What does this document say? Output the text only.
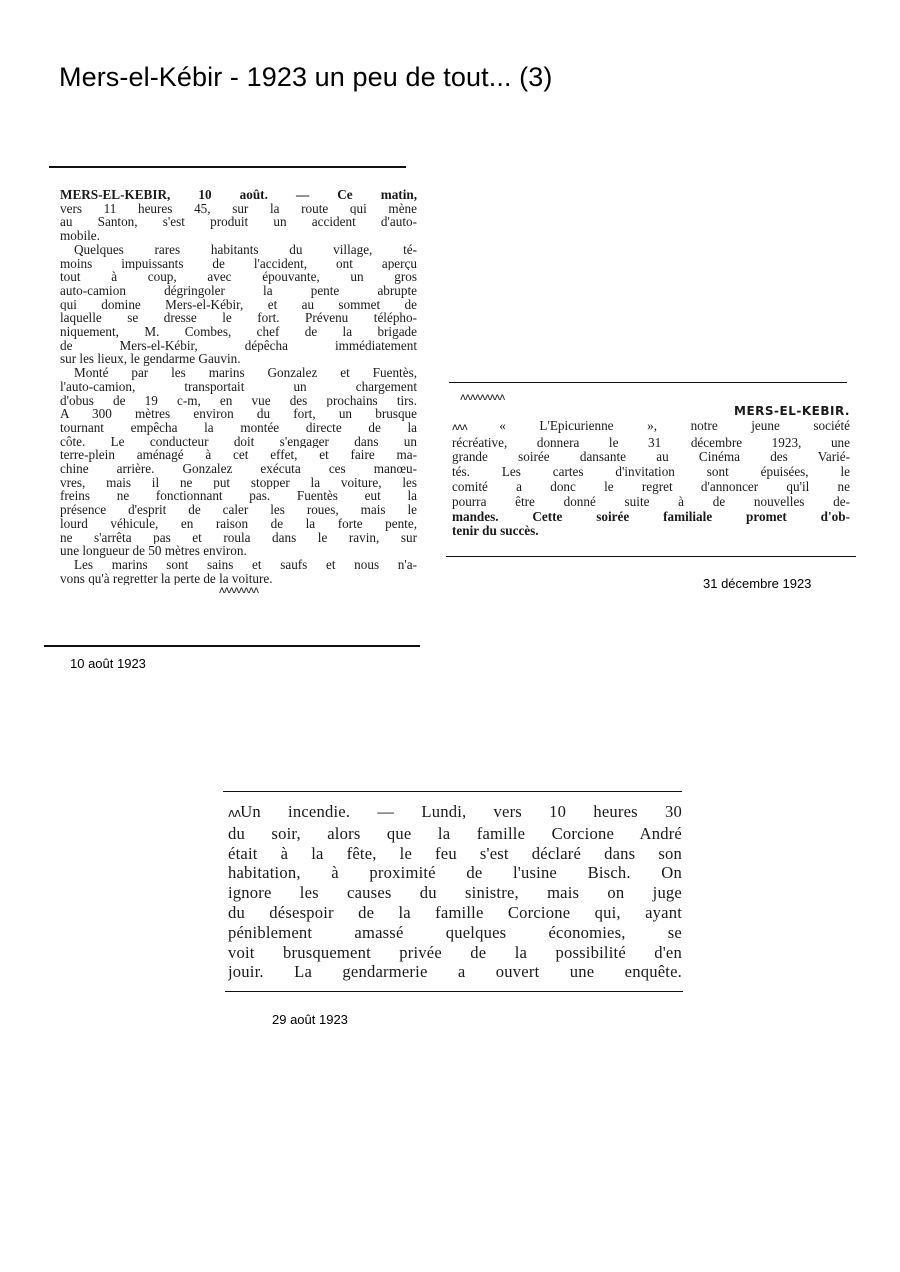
Mers-el-Kébir - 1923 un peu de tout... (3)
MERS-EL-KEBIR, 10 août. — Ce matin,
vers 11 heures 45, sur la route qui mène
au Santon, s'est produit un accident d'auto-
mobile.
Quelques rares habitants du village, té-
moins impuissants de l'accident, ont aperçu
tout à coup, avec épouvante, un gros
auto-camion dégringoler la pente abrupte
qui domine Mers-el-Kébir, et au sommet de
laquelle se dresse le fort. Prévenu télépho-
niquement, M. Combes, chef de la brigade
de Mers-el-Kébir, dépêcha immédiatement
sur les lieux, le gendarme Gauvin.
Monté par les marins Gonzalez et Fuentès,
l'auto-camion, transportait un chargement
d'obus de 19 c-m, en vue des prochains tirs.
A 300 mètres environ du fort, un brusque
tournant empêcha la montée directe de la
côte. Le conducteur doit s'engager dans un
terre-plein aménagé à cet effet, et faire ma-
chine arrière. Gonzalez exécuta ces manœu-
vres, mais il ne put stopper la voiture, les
freins ne fonctionnant pas. Fuentès eut la
présence d'esprit de caler les roues, mais le
lourd véhicule, en raison de la forte pente,
ne s'arrêta pas et roula dans le ravin, sur
une longueur de 50 mètres environ.
Les marins sont sains et saufs et nous n'a-
vons qu'à regretter la perte de la voiture.
ʌʌʌʌʌʌʌʌ
10 août 1923
ʌʌʌʌʌʌʌʌʌ
MERS-EL-KEBIR.
ʌʌʌ « L'Epicurienne », notre jeune société
récréative, donnera le 31 décembre 1923, une
grande soirée dansante au Cinéma des Varié-
tés. Les cartes d'invitation sont épuisées, le
comité a donc le regret d'annoncer qu'il ne
pourra être donné suite à de nouvelles de-
mandes. Cette soirée familiale promet d'ob-
tenir du succès.
31 décembre 1923
ʌʌUn incendie. — Lundi, vers 10 heures 30
du soir, alors que la famille Corcione André
était à la fête, le feu s'est déclaré dans son
habitation, à proximité de l'usine Bisch. On
ignore les causes du sinistre, mais on juge
du désespoir de la famille Corcione qui, ayant
péniblement amassé quelques économies, se
voit brusquement privée de la possibilité d'en
jouir. La gendarmerie a ouvert une enquête.
29 août 1923
